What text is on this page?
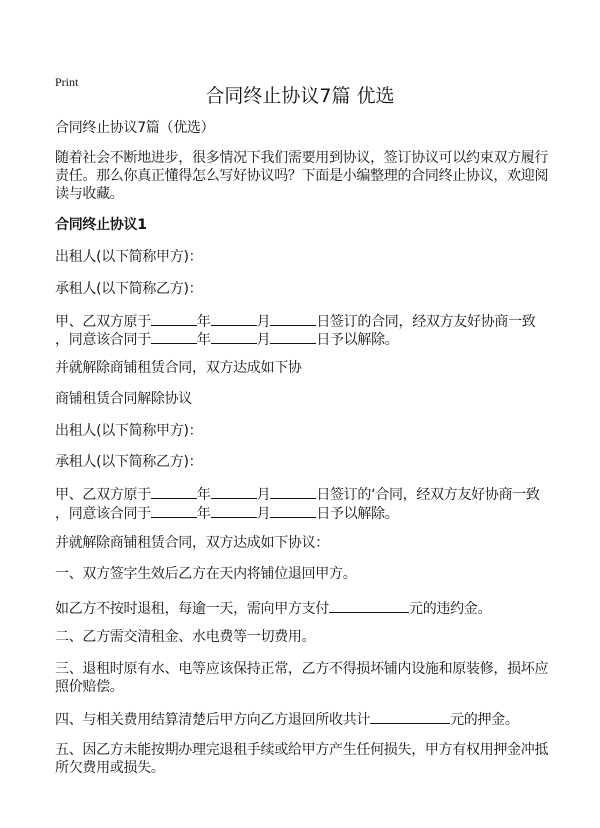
Print
合同终止协议7篇 优选
合同终止协议7篇（优选）
随着社会不断地进步，很多情况下我们需要用到协议，签订协议可以约束双方履行
责任。那么你真正懂得怎么写好协议吗？下面是小编整理的合同终止协议，欢迎阅
读与收藏。
合同终止协议1
出租人(以下简称甲方)：
承租人(以下简称乙方)：
甲、乙双方原于	年	月	日签订的合同，经双方友好协商一致
，同意该合同于	年	月	日予以解除。
并就解除商铺租赁合同，双方达成如下协
商铺租赁合同解除协议
出租人(以下简称甲方)：
承租人(以下简称乙方)：
甲、乙双方原于	年	月	日签订的‘合同，经双方友好协商一致
，同意该合同于	年	月	日予以解除。
并就解除商铺租赁合同，双方达成如下协议：
一、双方签字生效后乙方在天内将铺位退回甲方。
如乙方不按时退租，每逾一天，需向甲方支付	元的违约金。
二、乙方需交清租金、水电费等一切费用。
三、退租时原有水、电等应该保持正常，乙方不得损坏铺内设施和原装修，损坏应
照价赔偿。
四、与相关费用结算清楚后甲方向乙方退回所收共计	元的押金。
五、因乙方未能按期办理完退租手续或给甲方产生任何损失，甲方有权用押金冲抵
所欠费用或损失。
